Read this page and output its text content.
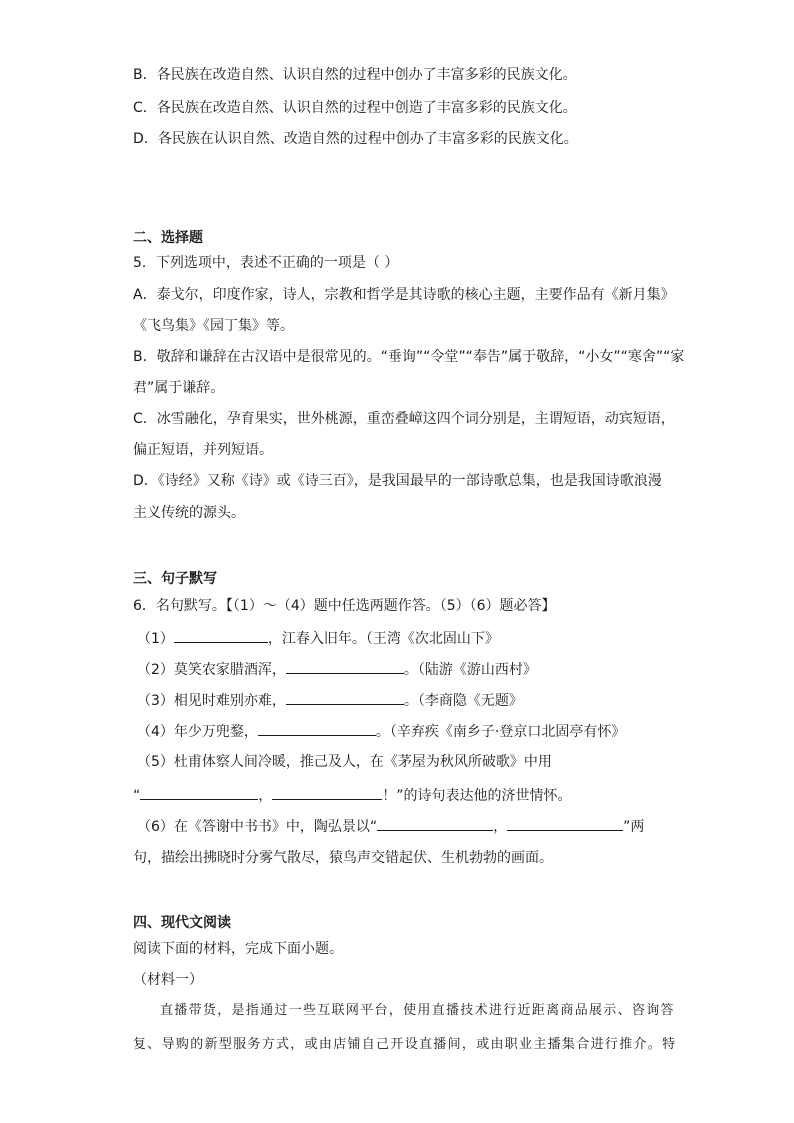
B．各民族在改造自然、认识自然的过程中创办了丰富多彩的民族文化。
C．各民族在改造自然、认识自然的过程中创造了丰富多彩的民族文化。
D．各民族在认识自然、改造自然的过程中创办了丰富多彩的民族文化。
二、选择题
5．下列选项中，表述不正确的一项是（ ）
A．泰戈尔，印度作家，诗人，宗教和哲学是其诗歌的核心主题，主要作品有《新月集》
《飞鸟集》《园丁集》等。
B．敬辞和谦辞在古汉语中是很常见的。“垂询”“令堂”“奉告”属于敬辞，“小女”“寒舍”“家
君”属于谦辞。
C．冰雪融化，孕育果实，世外桃源，重峦叠嶂这四个词分别是，主谓短语，动宾短语，
偏正短语，并列短语。
D．《诗经》又称《诗》或《诗三百》，是我国最早的一部诗歌总集，也是我国诗歌浪漫
主义传统的源头。
三、句子默写
6．名句默写。【（1）～（4）题中任选两题作答。（5）（6）题必答】
（1）	，江春入旧年。（王湾《次北固山下》
（2）莫笑农家腊酒浑，	。（陆游《游山西村》
（3）相见时难别亦难，	。（李商隐《无题》
（4）年少万兜鍪，	。（辛弃疾《南乡子·登京口北固亭有怀》
（5）杜甫体察人间冷暖，推己及人，在《茅屋为秋风所破歌》中用
“	，	！”的诗句表达他的济世情怀。
（6）在《答谢中书书》中，陶弘景以“	，	”两
句，描绘出拂晓时分雾气散尽，猿鸟声交错起伏、生机勃勃的画面。
四、现代文阅读
阅读下面的材料，完成下面小题。
（材料一）
直播带货，是指通过一些互联网平台，使用直播技术进行近距离商品展示、咨询答
复、导购的新型服务方式，或由店铺自己开设直播间，或由职业主播集合进行推介。特
